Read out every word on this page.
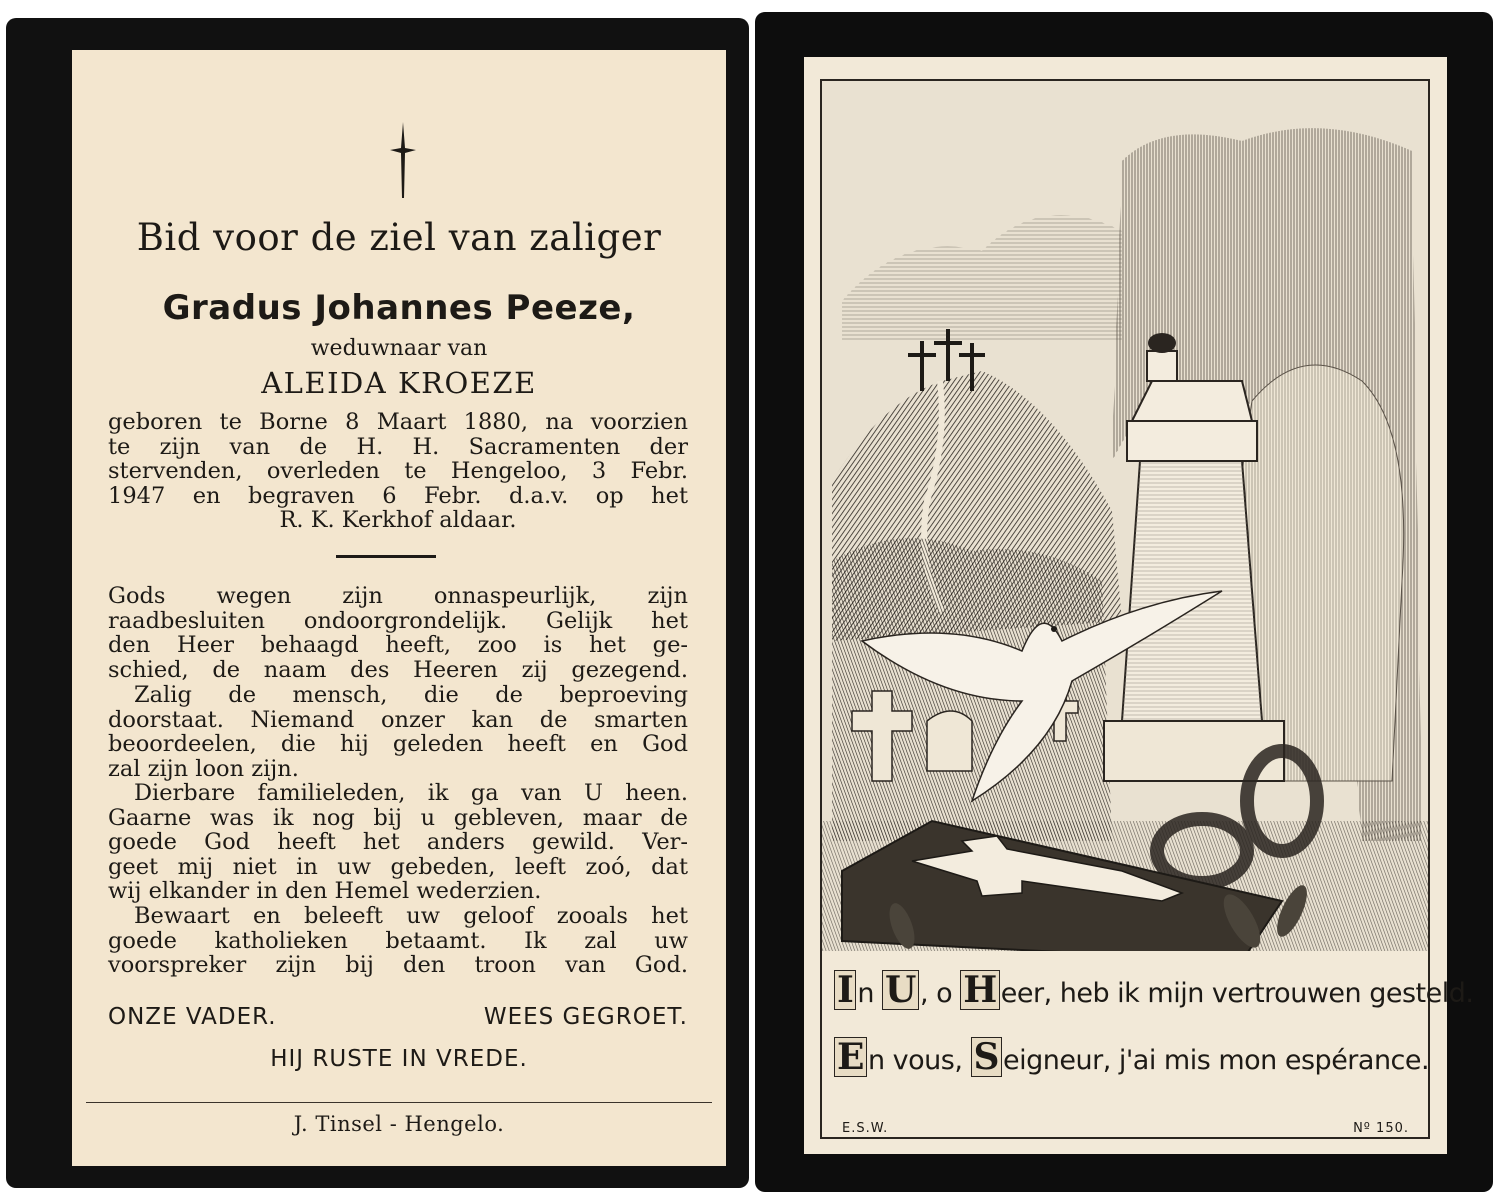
Bid voor de ziel van zaliger
Gradus Johannes Peeze,
weduwnaar van
ALEIDA KROEZE
geboren te Borne 8 Maart 1880, na voorzien
te zijn van de H. H. Sacramenten der
stervenden, overleden te Hengeloo, 3 Febr.
1947 en begraven 6 Febr. d.a.v. op het
R. K. Kerkhof aldaar.
Gods wegen zijn onnaspeurlijk, zijn
raadbesluiten ondoorgrondelijk. Gelijk het
den Heer behaagd heeft, zoo is het ge-
schied, de naam des Heeren zij gezegend.
Zalig de mensch, die de beproeving
doorstaat. Niemand onzer kan de smarten
beoordeelen, die hij geleden heeft en God
zal zijn loon zijn.
Dierbare familieleden, ik ga van U heen.
Gaarne was ik nog bij u gebleven, maar de
goede God heeft het anders gewild. Ver-
geet mij niet in uw gebeden, leeft zoó, dat
wij elkander in den Hemel wederzien.
Bewaart en beleeft uw geloof zooals het
goede katholieken betaamt. Ik zal uw
voorspreker zijn bij den troon van God.
ONZE VADER.	WEES GEGROET.
HIJ RUSTE IN VREDE.
J. Tinsel - Hengelo.
I n U , o H eer, heb ik mijn vertrouwen gesteld.
E n vous, S eigneur, j'ai mis mon espérance.
E.S.W.	Nº 150.
